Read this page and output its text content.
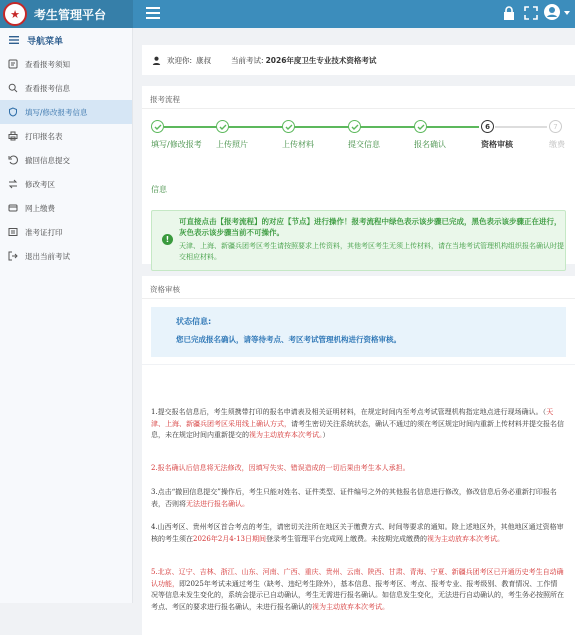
★ 考生管理平台
导航菜单
查看报考须知
查看报考信息
填写/修改报考信息
打印报名表
撤回信息提交
修改考区
网上缴费
准考证打印
退出当前考试
欢迎你: 康叔	当前考试: 2026年度卫生专业技术资格考试
报考流程
6	7
填写/修改报考 上传照片	上传材料	提交信息	报名确认	资格审核	缴费
信息
!
可直接点击【报考流程】的对应【节点】进行操作！报考流程中绿色表示该步骤已完成，黑色表示该步骤正在进行，灰色表示该步骤当前不可操作。
天津、上海、新疆兵团考区考生请按照要求上传资料，其他考区考生无须上传材料，请在当地考试管理机构组织报名确认时提交相应材料。
资格审核
状态信息:
您已完成报名确认，请等待考点、考区考试管理机构进行资格审核。

1.提交报名信息后，考生须携带打印的报名申请表及相关证明材料，在规定时间内至考点考试管理机构指定地点进行现场确认。（天津、上海、新疆兵团考区采用线上确认方式，请考生密切关注系统状态，确认不通过的须在考区规定时间内重新上传材料并提交报名信息，未在规定时间内重新提交的视为主动放弃本次考试。）

2.报名确认后信息将无法修改，因填写失实、错误造成的一切后果由考生本人承担。

3.点击“撤回信息提交”操作后，考生只能对姓名、证件类型、证件编号之外的其他报名信息进行修改，修改信息后务必重新打印报名表，否则将无法进行报名确认。

4.山西考区、贵州考区首合考点的考生，请密切关注所在地区关于缴费方式、时间等要求的通知。除上述地区外，其他地区通过资格审核的考生须在2026年2月4-13日期间登录考生管理平台完成网上缴费。未按期完成缴费的视为主动放弃本次考试。

5.北京、辽宁、吉林、浙江、山东、河南、广西、重庆、贵州、云南、陕西、甘肃、青海、宁夏、新疆兵团考区已开通历史考生自动确认功能，即2025年考试未通过考生（缺考、违纪考生除外），基本信息、报考考区、考点、报考专业、报考级别、教育情况、工作情况等信息未发生变化的，系统会提示已自动确认，考生无需进行报名确认。如信息发生变化，无法进行自动确认的，考生务必按照所在考点、考区的要求进行报名确认，未进行报名确认的视为主动放弃本次考试。
